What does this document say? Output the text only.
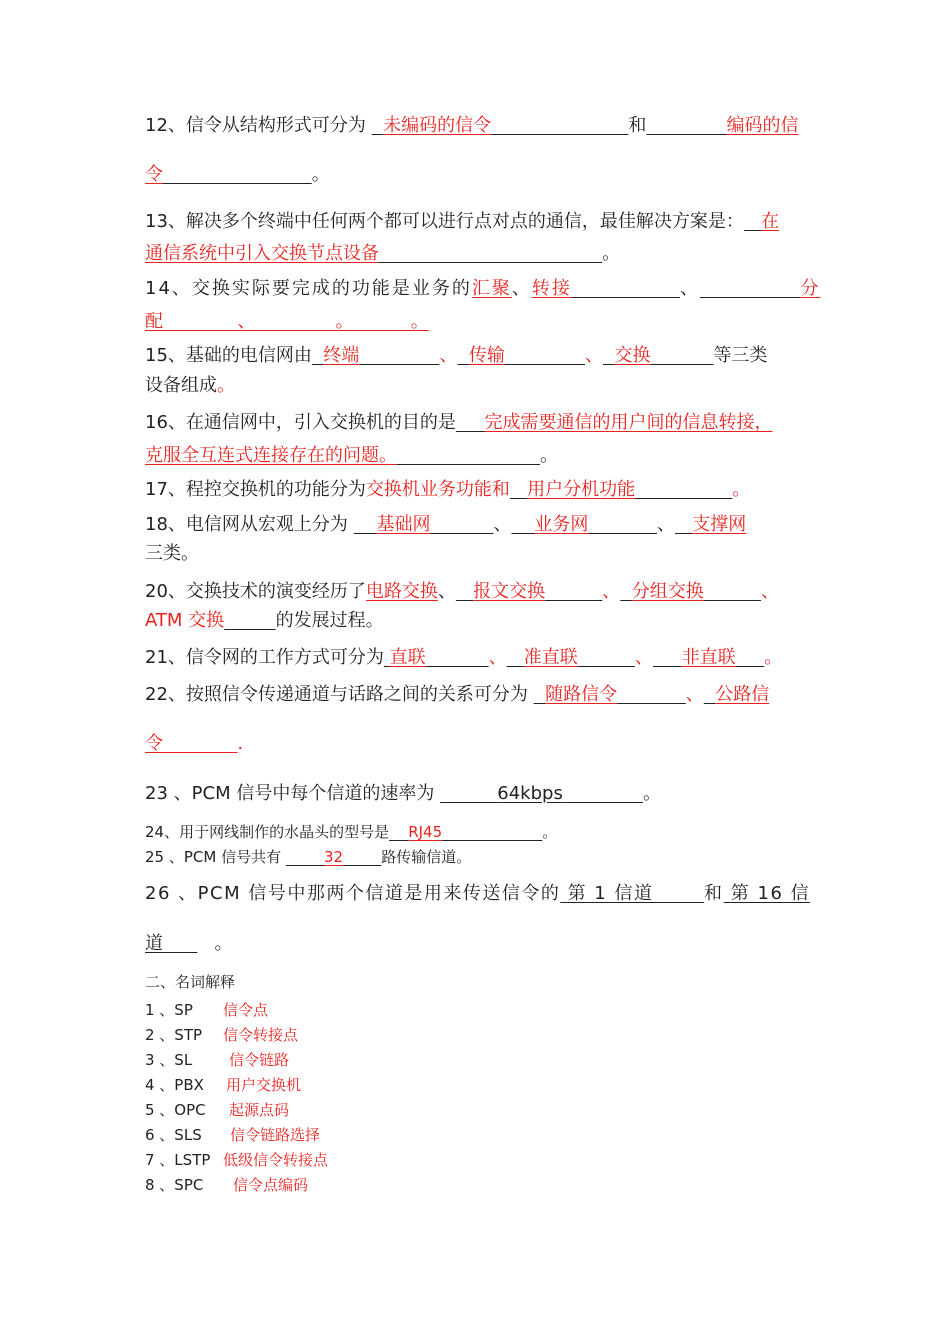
12、信令从结构形式可分为   未编码的信令	和	编码的信
令	。
13、解决多个终端中任何两个都可以进行点对点的通信，最佳解决方案是： 在
通信系统中引入交换节点设备	。
14、交换实际要完成的功能是业务的汇聚、转接	、	分
配	、	。	。
15、基础的电信网由 终端	、 传输	、 交换	等三类
设备组成。
16、在通信网中，引入交换机的目的是 完成需要通信的用户间的信息转接，
克服全互连式连接存在的问题。	。
17、程控交换机的功能分为交换机业务功能和 用户分机功能	。
18、电信网从宏观上分为     基础网	、 业务网	、 支撑网
三类。
20、交换技术的演变经历了电路交换、 报文交换	、 分组交换	、
ATM 交换	的发展过程。
21、信令网的工作方式可分为 直联	、 准直联	、 非直联 。
22、按照信令传递通道与话路之间的关系可分为   随路信令	、 公路信
令	.
23 、PCM 信号中每个信道的速率为	64kbps	。
24、用于网线制作的水晶头的型号是 RJ45	。
25 、PCM 信号共有	32	路传输信道。
26 、PCM 信号中那两个信道是用来传送信令的 第 1 信道	和 第 16 信
道	。
二、名词解释
1 、SP 信令点
2 、STP 信令转接点
3 、SL 信令链路
4 、PBX 用户交换机
5 、OPC 起源点码
6 、SLS 信令链路选择
7 、LSTP 低级信令转接点
8 、SPC 信令点编码
